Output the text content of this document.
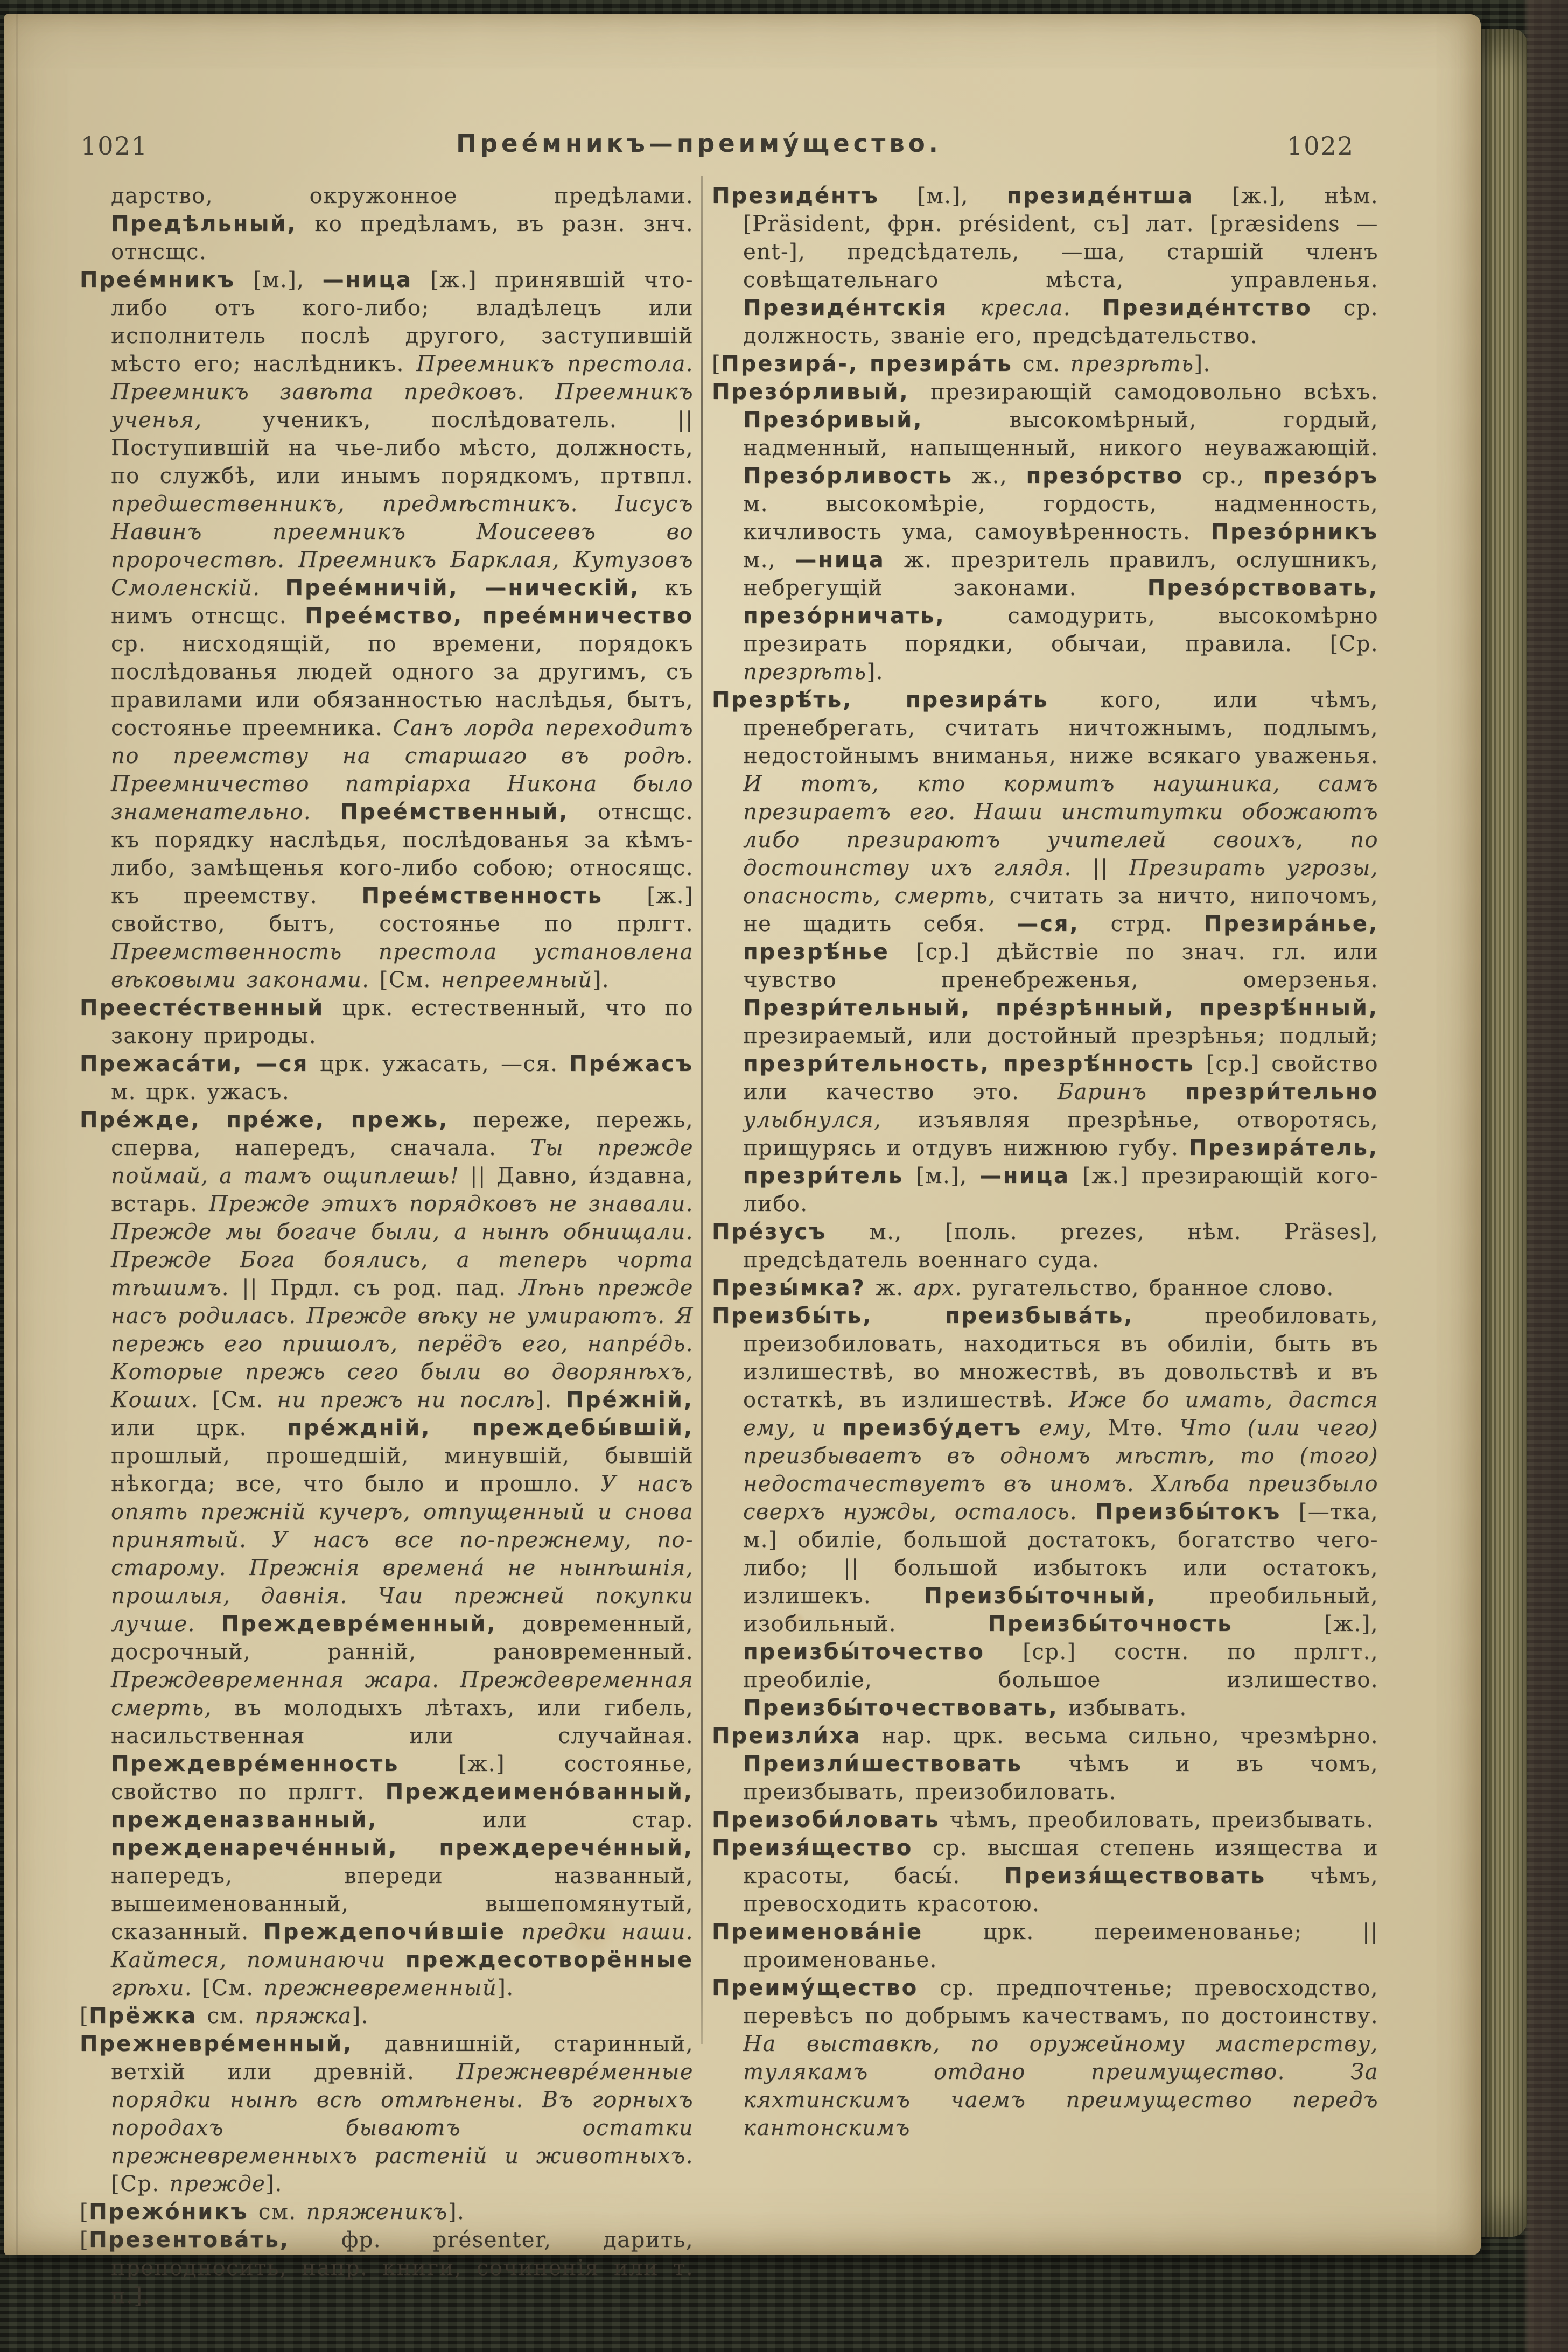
1021	Прее́мникъ—преиму́щество.	1022

дарство, окружонное предѣлами. Предѣльный, ко предѣламъ, въ разн. знч. отнсщс.

Прее́мникъ [м.], —ница [ж.] принявшій что-либо отъ кого-либо; владѣлецъ или исполнитель послѣ другого, заступившій мѣсто его; наслѣдникъ. Преемникъ престола. Преемникъ завѣта предковъ. Преемникъ ученья, ученикъ, послѣдователь. || Поступившій на чье-либо мѣсто, должность, по службѣ, или инымъ порядкомъ, пртвпл. предшественникъ, предмѣстникъ. Іисусъ Навинъ преемникъ Моисеевъ во пророчествѣ. Преемникъ Барклая, Кутузовъ Смоленскій. Прее́мничій, —ническій, къ нимъ отнсщс. Прее́мство, прее́мничество ср. нисходящій, по времени, порядокъ послѣдованья людей одного за другимъ, съ правилами или обязанностью наслѣдья, бытъ, состоянье преемника. Санъ лорда переходитъ по преемству на старшаго въ родѣ. Преемничество патріарха Никона было знаменательно. Прее́мственный, отнсщс. къ порядку наслѣдья, послѣдованья за кѣмъ-либо, замѣщенья кого-либо собою; относящс. къ преемству. Прее́мственность [ж.] свойство, бытъ, состоянье по прлгт. Преемственность престола установлена вѣковыми законами. [См. непреемный].

Преесте́ственный црк. естественный, что по закону природы.

Прежаса́ти, —ся црк. ужасать, —ся. Пре́жасъ м. црк. ужасъ.

Пре́жде, пре́же, прежь, переже, пережь, сперва, напередъ, сначала. Ты прежде поймай, а тамъ ощиплешь! || Давно, и́здавна, встарь. Прежде этихъ порядковъ не знавали. Прежде мы богаче были, а нынѣ обнищали. Прежде Бога боялись, а теперь чорта тѣшимъ. || Прдл. съ род. пад. Лѣнь прежде насъ родилась. Прежде вѣку не умираютъ. Я пережь его пришолъ, перёдъ его, напре́дь. Которые прежь сего были во дворянѣхъ, Коших. [См. ни прежъ ни послѣ]. Пре́жній, или црк. пре́ждній, преждебы́вшій, прошлый, прошедшій, минувшій, бывшій нѣкогда; все, что было и прошло. У насъ опять прежній кучеръ, отпущенный и снова принятый. У насъ все по-прежнему, по-старому. Прежнія времена́ не нынѣшнія, прошлыя, давнія. Чаи прежней покупки лучше. Преждевре́менный, довременный, досрочный, ранній, рановременный. Преждевременная жара. Преждевременная смерть, въ молодыхъ лѣтахъ, или гибель, насильственная или случайная. Преждевре́менность [ж.] состоянье, свойство по прлгт. Преждеимено́ванный, прежденазванный, или стар. прежденарече́нный, преждерече́нный, напередъ, впереди названный, вышеименованный, вышепомянутый, сказанный. Преждепочи́вшіе предки наши. Кайтеся, поминаючи преждесотворённые грѣхи. [См. прежневременный].

[Прёжка см. пряжка].

Прежневре́менный, давнишній, старинный, ветхій или древній. Прежневре́менные порядки нынѣ всѣ отмѣнены. Въ горныхъ породахъ бываютъ остатки прежневременныхъ растеній и животныхъ. [Ср. прежде].

[Прежо́никъ см. пряженикъ].

[Презентова́ть, фр. présenter, дарить, преподносить, напр. книги, сочиненія или т. п.].

Президе́нтъ [м.], президе́нтша [ж.], нѣм. [Präsident, фрн. président, съ] лат. [præsidens —ent-], предсѣдатель, —ша, старшій членъ совѣщательнаго мѣста, управленья. Президе́нтскія кресла. Президе́нтство ср. должность, званіе его, предсѣдательство.

[Презира́-, презира́ть см. презрѣть].

Презо́рливый, презирающій самодовольно всѣхъ. Презо́ривый, высокомѣрный, гордый, надменный, напыщенный, никого неуважающій. Презо́рливость ж., презо́рство ср., презо́ръ м. высокомѣріе, гордость, надменность, кичливость ума, самоувѣренность. Презо́рникъ м., —ница ж. презритель правилъ, ослушникъ, небрегущій законами. Презо́рствовать, презо́рничать, самодурить, высокомѣрно презирать порядки, обычаи, правила. [Ср. презрѣть].

Презрѣ́ть, презира́ть кого, или чѣмъ, пренебрегать, считать ничтожнымъ, подлымъ, недостойнымъ вниманья, ниже всякаго уваженья. И тотъ, кто кормитъ наушника, самъ презираетъ его. Наши институтки обожаютъ либо презираютъ учителей своихъ, по достоинству ихъ глядя. || Презирать угрозы, опасность, смерть, считать за ничто, нипочомъ, не щадить себя. —ся, стрд. Презира́нье, презрѣ́нье [ср.] дѣйствіе по знач. гл. или чувство пренебреженья, омерзенья. Презри́тельный, пре́зрѣнный, презрѣ́нный, презираемый, или достойный презрѣнья; подлый; презри́тельность, презрѣ́нность [ср.] свойство или качество это. Баринъ презри́тельно улыбнулся, изъявляя презрѣнье, отворотясь, прищурясь и отдувъ нижнюю губу. Презира́тель, презри́тель [м.], —ница [ж.] презирающій кого-либо.

Пре́зусъ м., [поль. prezes, нѣм. Präses], предсѣдатель военнаго суда.

Презы́мка? ж. арх. ругательство, бранное слово.

Преизбы́ть, преизбыва́ть, преобиловать, преизобиловать, находиться въ обиліи, быть въ излишествѣ, во множествѣ, въ довольствѣ и въ остаткѣ, въ излишествѣ. Иже бо имать, дастся ему, и преизбу́детъ ему, Мтѳ. Что (или чего) преизбываетъ въ одномъ мѣстѣ, то (того) недостачествуетъ въ иномъ. Хлѣба преизбыло сверхъ нужды, осталось. Преизбы́токъ [—тка, м.] обиліе, большой достатокъ, богатство чего-либо; || большой избытокъ или остатокъ, излишекъ. Преизбы́точный, преобильный, изобильный. Преизбы́точность [ж.], преизбы́точество [ср.] состн. по прлгт., преобиліе, большое излишество. Преизбы́точествовать, избывать.

Преизли́ха нар. црк. весьма сильно, чрезмѣрно. Преизли́шествовать чѣмъ и въ чомъ, преизбывать, преизобиловать.

Преизоби́ловать чѣмъ, преобиловать, преизбывать.

Преизя́щество ср. высшая степень изящества и красоты, басы́. Преизя́ществовать чѣмъ, превосходить красотою.

Преименова́ніе црк. переименованье; || проименованье.

Преиму́щество ср. предпочтенье; превосходство, перевѣсъ по добрымъ качествамъ, по достоинству. На выставкѣ, по оружейному мастерству, тулякамъ отдано преимущество. За кяхтинскимъ чаемъ преимущество передъ кантонскимъ
